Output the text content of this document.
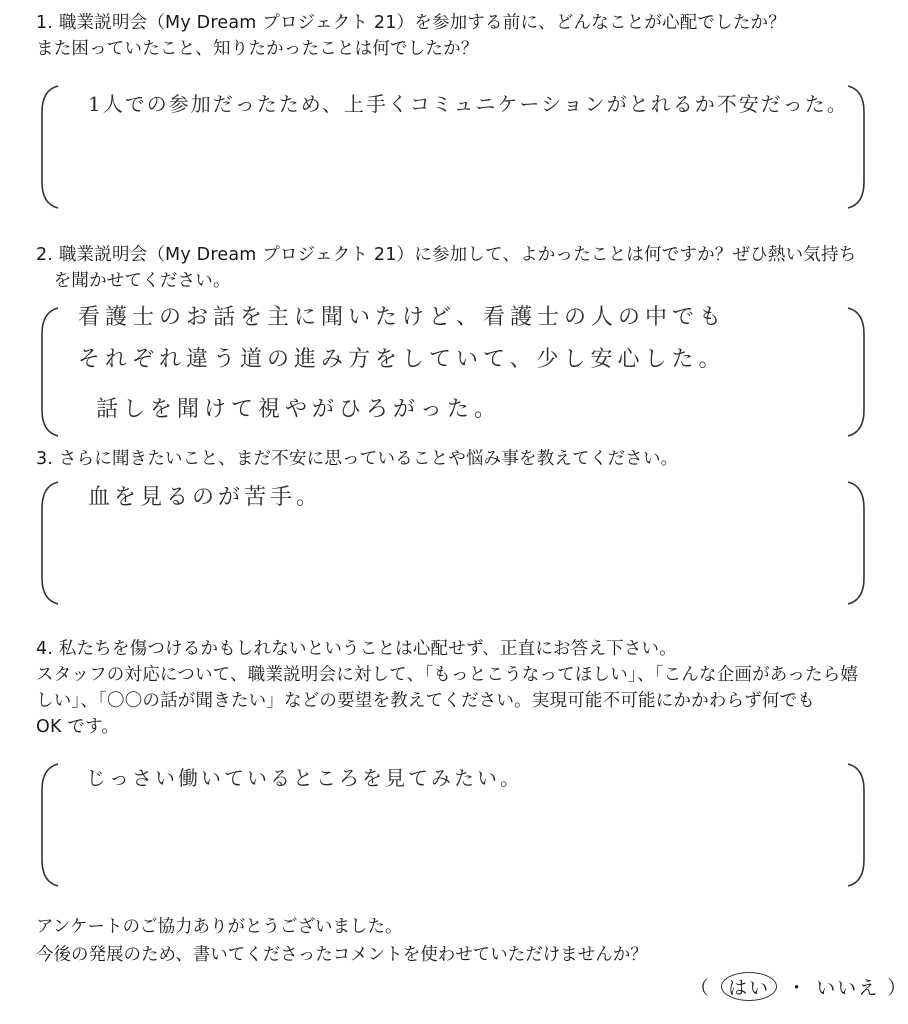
1. 職業説明会（My Dream プロジェクト 21）を参加する前に、どんなことが心配でしたか？
また困っていたこと、知りたかったことは何でしたか？
1人での参加だったため、上手くコミュニケーションがとれるか不安だった。
2. 職業説明会（My Dream プロジェクト 21）に参加して、よかったことは何ですか？ぜひ熱い気持ち
　を聞かせてください。
看護士のお話を主に聞いたけど、看護士の人の中でも
それぞれ違う道の進み方をしていて、少し安心した。
話しを聞けて視やがひろがった。
3. さらに聞きたいこと、まだ不安に思っていることや悩み事を教えてください。
血を見るのが苦手。
4. 私たちを傷つけるかもしれないということは心配せず、正直にお答え下さい。
スタッフの対応について、職業説明会に対して、「もっとこうなってほしい」、「こんな企画があったら嬉
しい」、「〇〇の話が聞きたい」などの要望を教えてください。実現可能不可能にかかわらず何でも
OK です。
じっさい働いているところを見てみたい。
アンケートのご協力ありがとうございました。
今後の発展のため、書いてくださったコメントを使わせていただけませんか？
（ はい ・ いいえ ）
